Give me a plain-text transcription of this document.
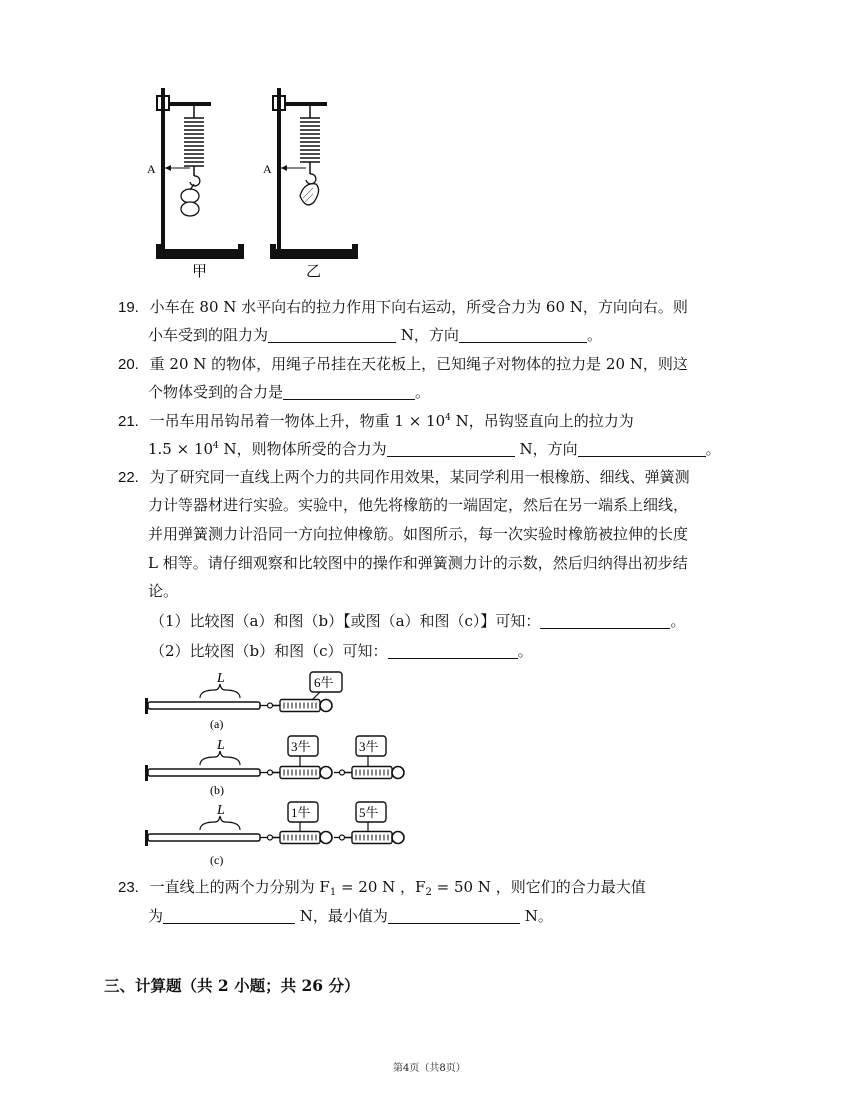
A
甲
A
乙
19. 小车在 80 N 水平向右的拉力作用下向右运动，所受合力为 60 N，方向向右。则
小车受到的阻力为	N，方向	。
20. 重 20 N 的物体，用绳子吊挂在天花板上，已知绳子对物体的拉力是 20 N，则这
个物体受到的合力是	。
21. 一吊车用吊钩吊着一物体上升，物重 $1 \times 10^4$ N，吊钩竖直向上的拉力为
$1.5 \times 10^4$ N，则物体所受的合力为	N，方向	。
22. 为了研究同一直线上两个力的共同作用效果，某同学利用一根橡筋、细线、弹簧测
力计等器材进行实验。实验中，他先将橡筋的一端固定，然后在另一端系上细线，
并用弹簧测力计沿同一方向拉伸橡筋。如图所示，每一次实验时橡筋被拉伸的长度
L 相等。请仔细观察和比较图中的操作和弹簧测力计的示数，然后归纳得出初步结
论。
（1）比较图（a）和图（b）【或图（a）和图（c）】可知：	。
（2）比较图（b）和图（c）可知：	。
L	6牛
(a)
L	3牛	3牛
(b)
L	1牛	5牛
(c)
23. 一直线上的两个力分别为 $F_1 = 20$ N ，$F_2 = 50$ N ，则它们的合力最大值
为	N，最小值为	N。
三、计算题（共 2 小题；共 26 分）
第4页（共8页）
